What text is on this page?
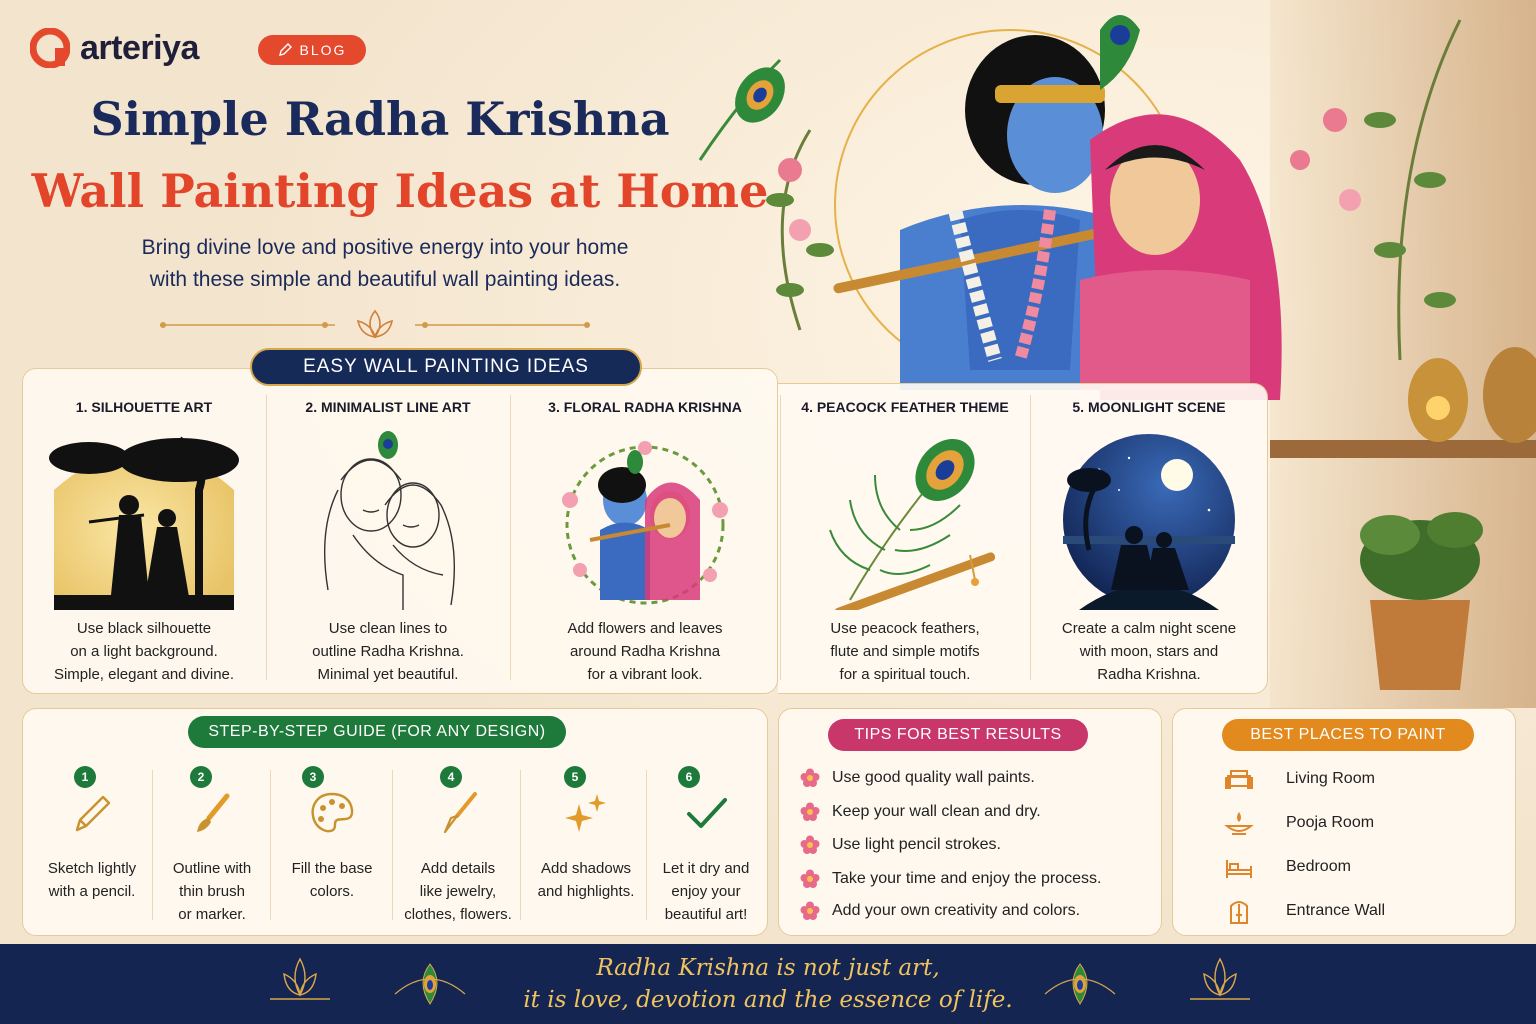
arteriya	BLOG
Simple Radha Krishna
Wall Painting Ideas at Home
Bring divine love and positive energy into your home
with these simple and beautiful wall painting ideas.
EASY WALL PAINTING IDEAS
1. SILHOUETTE ART
Use black silhouette
on a light background.
Simple, elegant and divine.
2. MINIMALIST LINE ART
Use clean lines to
outline Radha Krishna.
Minimal yet beautiful.
3. FLORAL RADHA KRISHNA
Add flowers and leaves
around Radha Krishna
for a vibrant look.
4. PEACOCK FEATHER THEME
Use peacock feathers,
flute and simple motifs
for a spiritual touch.
5. MOONLIGHT SCENE
Create a calm night scene
with moon, stars and
Radha Krishna.
STEP-BY-STEP GUIDE (FOR ANY DESIGN)
1
Sketch lightly
with a pencil.
2
Outline with
thin brush
or marker.
3
Fill the base
colors.
4
Add details
like jewelry,
clothes, flowers.
5
Add shadows
and highlights.
6
Let it dry and
enjoy your
beautiful art!
TIPS FOR BEST RESULTS
Use good quality wall paints.
Keep your wall clean and dry.
Use light pencil strokes.
Take your time and enjoy the process.
Add your own creativity and colors.
BEST PLACES TO PAINT
Living Room
Pooja Room
Bedroom
Entrance Wall
Radha Krishna is not just art,
it is love, devotion and the essence of life.
